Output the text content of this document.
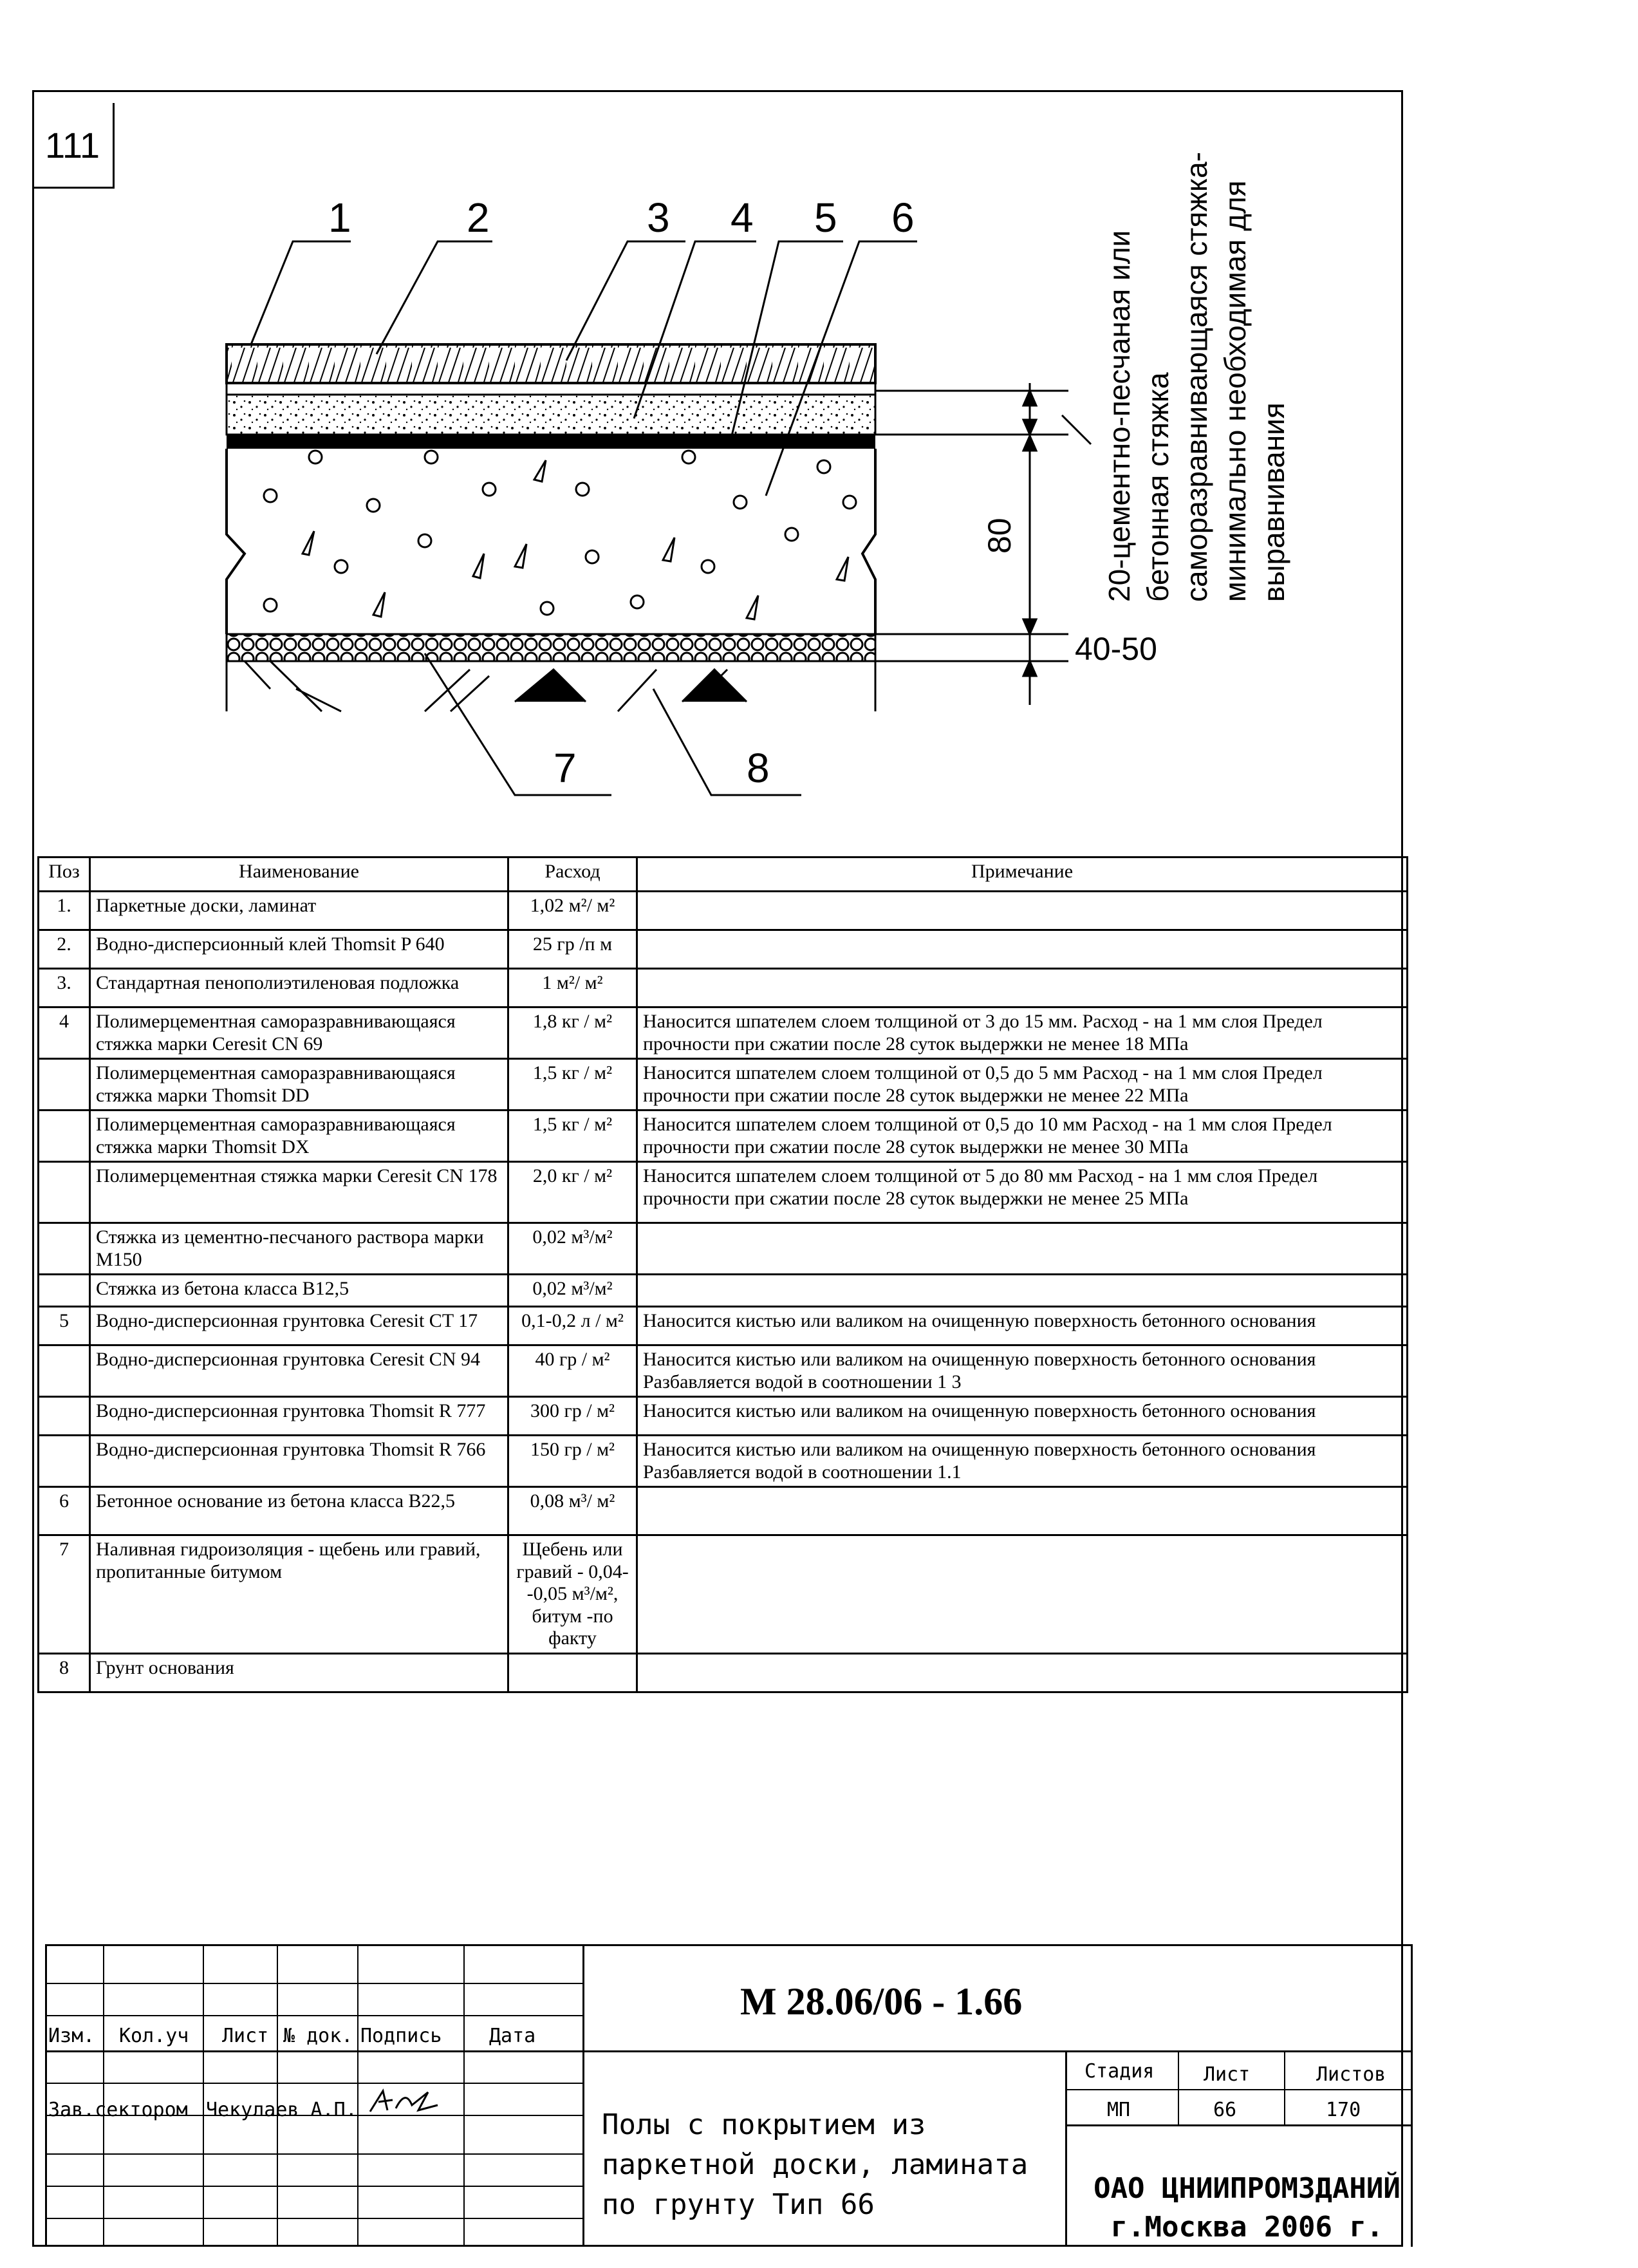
111
1	2	3 4 5 6
7	8
80
40-50
20-цементно-песчаная или бетонная стяжка саморазравнивающаяся стяжка- минимально необходимая для выравнивания
Поз	Наименование	Расход	Примечание
1.	Паркетные доски, ламинат	1,02 м²/ м²	
2.	Водно-дисперсионный клей Thomsit P 640	25 гр /п м	
3.	Стандартная пенополиэтиленовая подложка	1 м²/ м²	
4	Полимерцементная саморазравнивающаяся стяжка марки Ceresit CN 69	1,8 кг / м²	Наносится шпателем слоем толщиной от 3 до 15 мм. Расход - на 1 мм слоя Предел прочности при сжатии после 28 суток выдержки не менее 18 МПа
	Полимерцементная саморазравнивающаяся стяжка марки Thomsit DD	1,5 кг / м²	Наносится шпателем слоем толщиной от 0,5 до 5 мм Расход - на 1 мм слоя Предел прочности при сжатии после 28 суток выдержки не менее 22 МПа
	Полимерцементная саморазравнивающаяся стяжка марки Thomsit DX	1,5 кг / м²	Наносится шпателем слоем толщиной от 0,5 до 10 мм Расход - на 1 мм слоя Предел прочности при сжатии после 28 суток выдержки не менее 30 МПа
	Полимерцементная стяжка марки Ceresit CN 178	2,0 кг / м²	Наносится шпателем слоем толщиной от 5 до 80 мм Расход - на 1 мм слоя Предел прочности при сжатии после 28 суток выдержки не менее 25 МПа
	Стяжка из цементно-песчаного раствора марки М150	0,02 м³/м²	
	Стяжка из бетона класса В12,5	0,02 м³/м²	
5	Водно-дисперсионная грунтовка Ceresit CT 17	0,1-0,2 л / м²	Наносится кистью или валиком на очищенную поверхность бетонного основания
	Водно-дисперсионная грунтовка Ceresit CN 94	40 гр / м²	Наносится кистью или валиком на очищенную поверхность бетонного основания Разбавляется водой в соотношении 1 3
	Водно-дисперсионная грунтовка Thomsit R 777	300 гр / м²	Наносится кистью или валиком на очищенную поверхность бетонного основания
	Водно-дисперсионная грунтовка Thomsit R 766	150 гр / м²	Наносится кистью или валиком на очищенную поверхность бетонного основания Разбавляется водой в соотношении 1.1
6	Бетонное основание из бетона класса В22,5	0,08 м³/ м²	
7	Наливная гидроизоляция - щебень или гравий, пропитанные битумом	Щебень или гравий - 0,04--0,05 м³/м², битум -по факту	
8	Грунт основания		
Изм. Кол.уч Лист № док. Подпись Дата
Зав.сектором Чекулаев А.П.
М 28.06/06 - 1.66
Стадия	Лист	Листов
МП	66	170
Полы с покрытием из паркетной доски, ламината по грунту Тип 66	ОАО ЦНИИПРОМЗДАНИЙ
г.Москва 2006 г.
